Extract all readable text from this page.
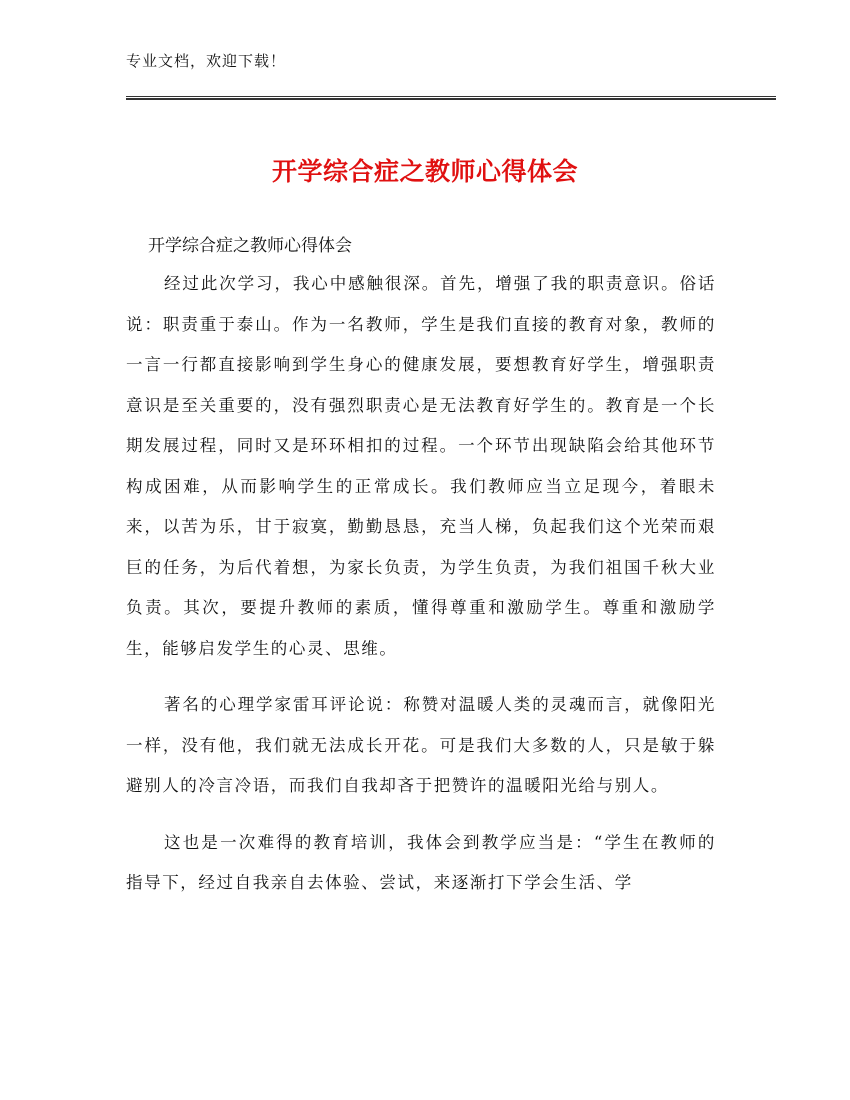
专业文档，欢迎下载！
开学综合症之教师心得体会
开学综合症之教师心得体会

经过此次学习，我心中感触很深。首先，增强了我的职责意识。俗话说：职责重于泰山。作为一名教师，学生是我们直接的教育对象，教师的一言一行都直接影响到学生身心的健康发展，要想教育好学生，增强职责意识是至关重要的，没有强烈职责心是无法教育好学生的。教育是一个长期发展过程，同时又是环环相扣的过程。一个环节出现缺陷会给其他环节构成困难，从而影响学生的正常成长。我们教师应当立足现今，着眼未来，以苦为乐，甘于寂寞，勤勤恳恳，充当人梯，负起我们这个光荣而艰巨的任务，为后代着想，为家长负责，为学生负责，为我们祖国千秋大业负责。其次，要提升教师的素质，懂得尊重和激励学生。尊重和激励学生，能够启发学生的心灵、思维。

著名的心理学家雷耳评论说：称赞对温暖人类的灵魂而言，就像阳光一样，没有他，我们就无法成长开花。可是我们大多数的人，只是敏于躲避别人的冷言冷语，而我们自我却吝于把赞许的温暖阳光给与别人。

这也是一次难得的教育培训，我体会到教学应当是：“学生在教师的指导下，经过自我亲自去体验、尝试，来逐渐打下学会生活、学
